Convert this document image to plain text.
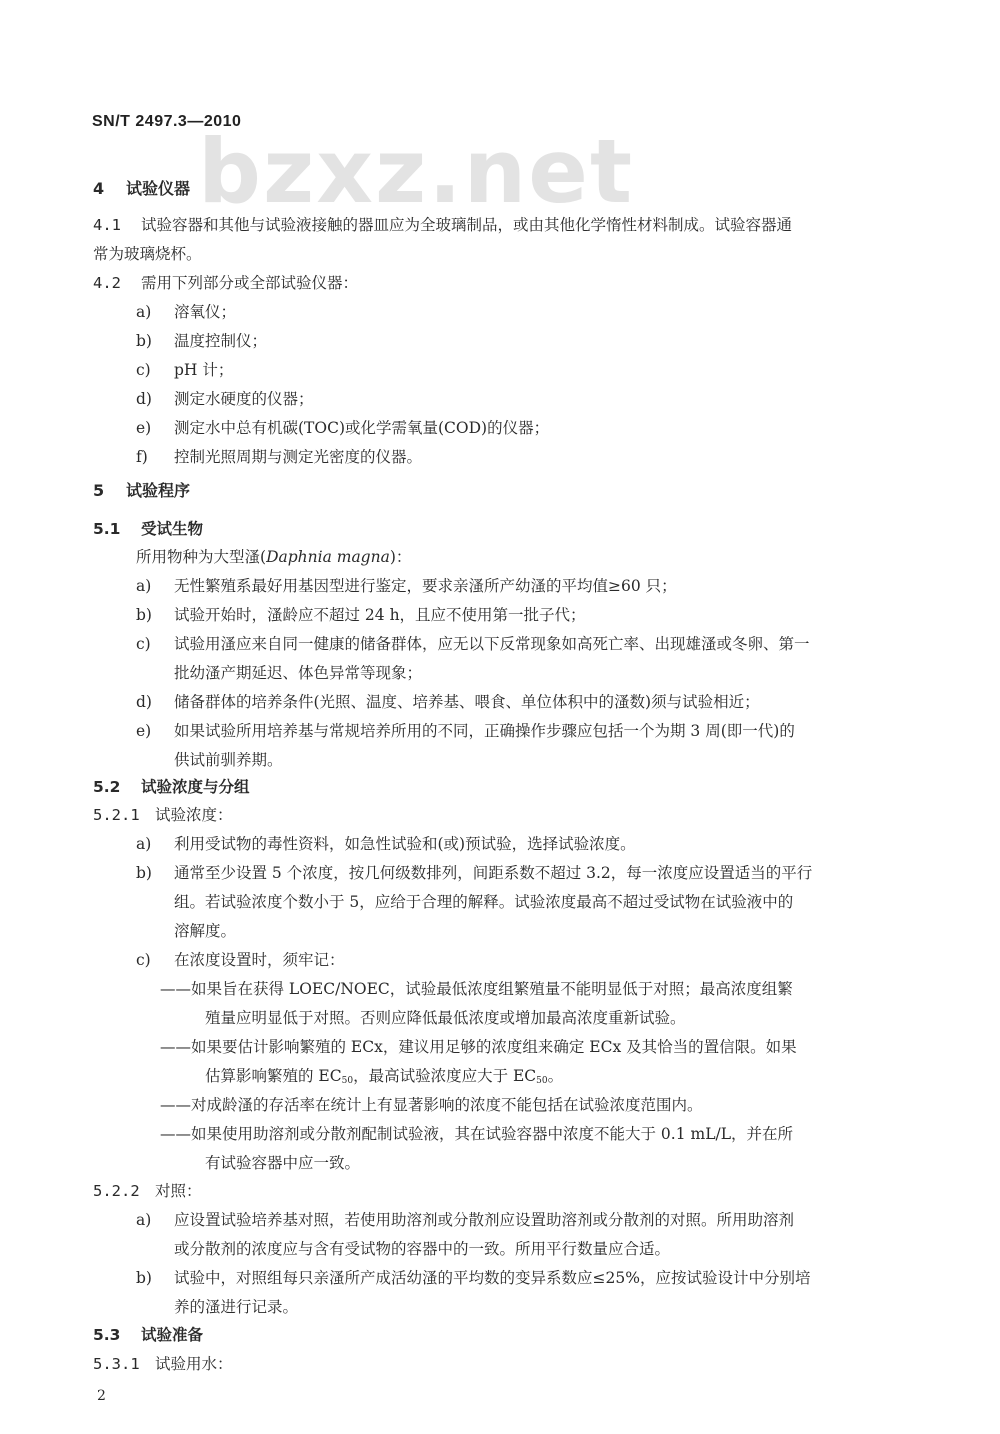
bzxz.net
SN/T 2497.3—2010
4 试验仪器
4.1 试验容器和其他与试验液接触的器皿应为全玻璃制品，或由其他化学惰性材料制成。试验容器通
常为玻璃烧杯。
4.2 需用下列部分或全部试验仪器：
a) 溶氧仪；
b) 温度控制仪；
c) pH 计；
d) 测定水硬度的仪器；
e) 测定水中总有机碳(TOC)或化学需氧量(COD)的仪器；
f) 控制光照周期与测定光密度的仪器。
5 试验程序
5.1 受试生物
所用物种为大型溞(Daphnia magna)：
a) 无性繁殖系最好用基因型进行鉴定，要求亲溞所产幼溞的平均值≥60 只；
b) 试验开始时，溞龄应不超过 24 h，且应不使用第一批子代；
c) 试验用溞应来自同一健康的储备群体，应无以下反常现象如高死亡率、出现雄溞或冬卵、第一
批幼溞产期延迟、体色异常等现象；
d) 储备群体的培养条件(光照、温度、培养基、喂食、单位体积中的溞数)须与试验相近；
e) 如果试验所用培养基与常规培养所用的不同，正确操作步骤应包括一个为期 3 周(即一代)的
供试前驯养期。
5.2 试验浓度与分组
5.2.1 试验浓度：
a) 利用受试物的毒性资料，如急性试验和(或)预试验，选择试验浓度。
b) 通常至少设置 5 个浓度，按几何级数排列，间距系数不超过 3.2，每一浓度应设置适当的平行
组。若试验浓度个数小于 5，应给于合理的解释。试验浓度最高不超过受试物在试验液中的
溶解度。
c) 在浓度设置时，须牢记：
——如果旨在获得 LOEC/NOEC，试验最低浓度组繁殖量不能明显低于对照；最高浓度组繁
殖量应明显低于对照。否则应降低最低浓度或增加最高浓度重新试验。
——如果要估计影响繁殖的 ECx，建议用足够的浓度组来确定 ECx 及其恰当的置信限。如果
估算影响繁殖的 $EC_{50}$，最高试验浓度应大于 $EC_{50}$。
——对成龄溞的存活率在统计上有显著影响的浓度不能包括在试验浓度范围内。
——如果使用助溶剂或分散剂配制试验液，其在试验容器中浓度不能大于 0.1 mL/L，并在所
有试验容器中应一致。
5.2.2 对照：
a) 应设置试验培养基对照，若使用助溶剂或分散剂应设置助溶剂或分散剂的对照。所用助溶剂
或分散剂的浓度应与含有受试物的容器中的一致。所用平行数量应合适。
b) 试验中，对照组每只亲溞所产成活幼溞的平均数的变异系数应≤25%，应按试验设计中分别培
养的溞进行记录。
5.3 试验准备
5.3.1 试验用水：
2
